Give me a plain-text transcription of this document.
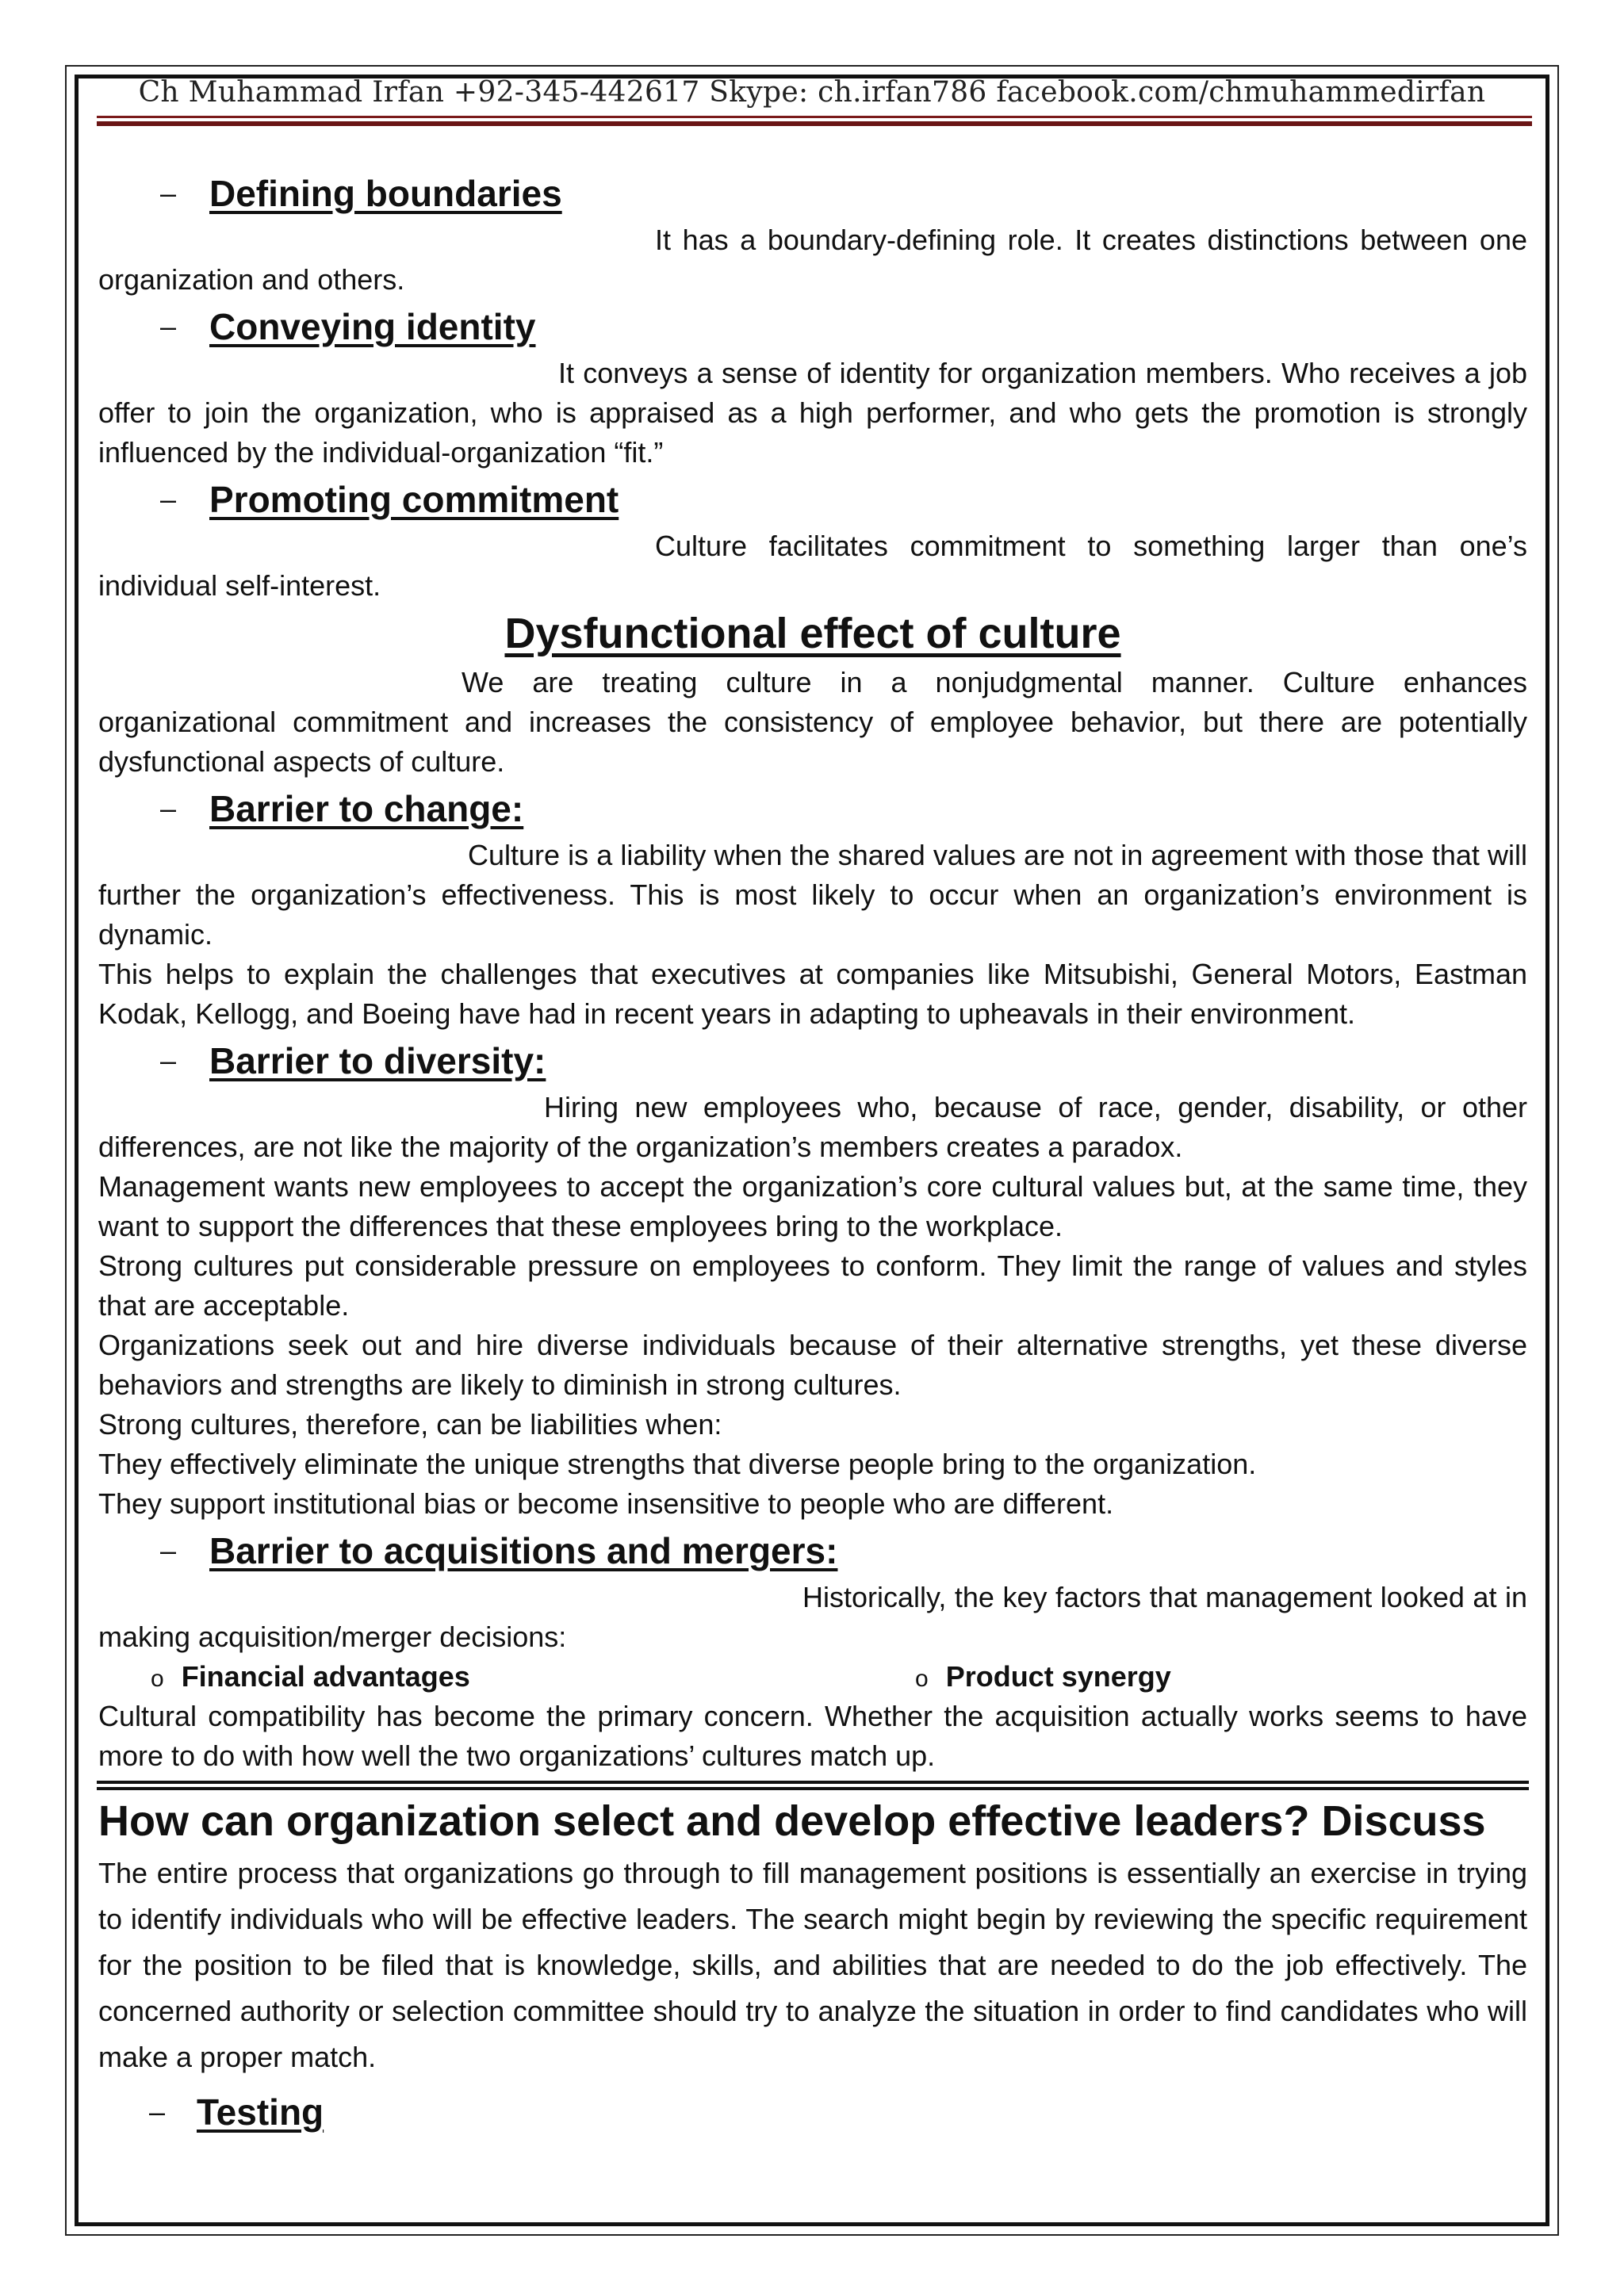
Ch Muhammad Irfan +92-345-442617 Skype: ch.irfan786 facebook.com/chmuhammedirfan
– Defining boundaries

It has a boundary-defining role. It creates distinctions between one organization and others.

– Conveying identity

It conveys a sense of identity for organization members. Who receives a job offer to join the organization, who is appraised as a high performer, and who gets the promotion is strongly influenced by the individual-organization “fit.”

– Promoting commitment

Culture facilitates commitment to something larger than one’s individual self-interest.

Dysfunctional effect of culture

We are treating culture in a nonjudgmental manner. Culture enhances organizational commitment and increases the consistency of employee behavior, but there are potentially dysfunctional aspects of culture.

– Barrier to change:

Culture is a liability when the shared values are not in agreement with those that will further the organization’s effectiveness. This is most likely to occur when an organization’s environment is dynamic.

This helps to explain the challenges that executives at companies like Mitsubishi, General Motors, Eastman Kodak, Kellogg, and Boeing have had in recent years in adapting to upheavals in their environment.

– Barrier to diversity:

Hiring new employees who, because of race, gender, disability, or other differences, are not like the majority of the organization’s members creates a paradox.

Management wants new employees to accept the organization’s core cultural values but, at the same time, they want to support the differences that these employees bring to the workplace.

Strong cultures put considerable pressure on employees to conform. They limit the range of values and styles that are acceptable.

Organizations seek out and hire diverse individuals because of their alternative strengths, yet these diverse behaviors and strengths are likely to diminish in strong cultures.

Strong cultures, therefore, can be liabilities when:

They effectively eliminate the unique strengths that diverse people bring to the organization.

They support institutional bias or become insensitive to people who are different.

– Barrier to acquisitions and mergers:

Historically, the key factors that management looked at in making acquisition/merger decisions:

o Financial advantages	o Product synergy

Cultural compatibility has become the primary concern. Whether the acquisition actually works seems to have more to do with how well the two organizations’ cultures match up.

How can organization select and develop effective leaders? Discuss

The entire process that organizations go through to fill management positions is essentially an exercise in trying to identify individuals who will be effective leaders. The search might begin by reviewing the specific requirement for the position to be filed that is knowledge, skills, and abilities that are needed to do the job effectively. The concerned authority or selection committee should try to analyze the situation in order to find candidates who will make a proper match.

– Testing
